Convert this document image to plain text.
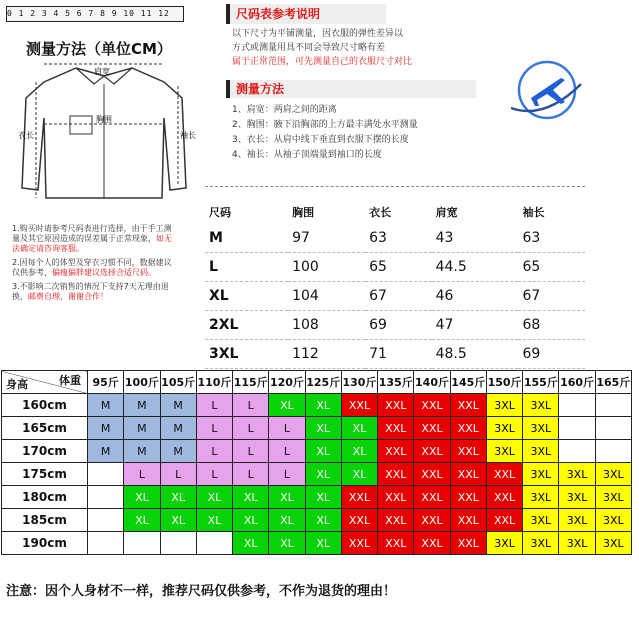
0 1 2 3 4 5 6 7 8 9 10 11 12
测量方法（单位CM）
肩宽
胸围
衣长	袖长

1.购买时请参考尺码表进行选择，由于手工测量及其它原因造成的误差属于正常现象，如无法确定请咨询客服。

2.因每个人的体型及穿衣习惯不同，数据建议仅供参考，偏瘦偏胖建议选择合适尺码。

3.不影响二次销售的情况下支持7天无理由退换，邮费自理，谢谢合作！

尺码表参考说明
以下尺寸为平铺测量，因衣服的弹性差异以
方式或测量用具不同会导致尺寸略有差
属于正常范围，可先测量自己的衣服尺寸对比
测量方法
1、肩宽：两肩之间的距离
2、胸围：腋下沿胸部的上方最丰满处水平测量
3、衣长：从肩中线下垂直到衣服下摆的长度
4、袖长：从袖子顶端量到袖口的长度
尺码	胸围	衣长	肩宽	袖长
M	97	63	43	63
L	100	65	44.5	65
XL	104	67	46	67
2XL	108	69	47	68
3XL	112	71	48.5	69
体重
身高	95斤	100斤	105斤	110斤	115斤	120斤	125斤	130斤	135斤	140斤	145斤	150斤	155斤	160斤	165斤
160cm	M	M	M	L	L	XL	XL	XXL	XXL	XXL	XXL	3XL	3XL		
165cm	M	M	M	L	L	L	XL	XL	XXL	XXL	XXL	3XL	3XL		
170cm	M	M	M	L	L	L	XL	XL	XXL	XXL	XXL	3XL	3XL		
175cm		L	L	L	L	L	XL	XL	XXL	XXL	XXL	XXL	3XL	3XL	3XL
180cm		XL	XL	XL	XL	XL	XL	XXL	XXL	XXL	XXL	XXL	3XL	3XL	3XL
185cm		XL	XL	XL	XL	XL	XL	XXL	XXL	XXL	XXL	XXL	3XL	3XL	3XL
190cm					XL	XL	XL	XXL	XXL	XXL	XXL	3XL	3XL	3XL	3XL
注意：因个人身材不一样，推荐尺码仅供参考，不作为退货的理由！
